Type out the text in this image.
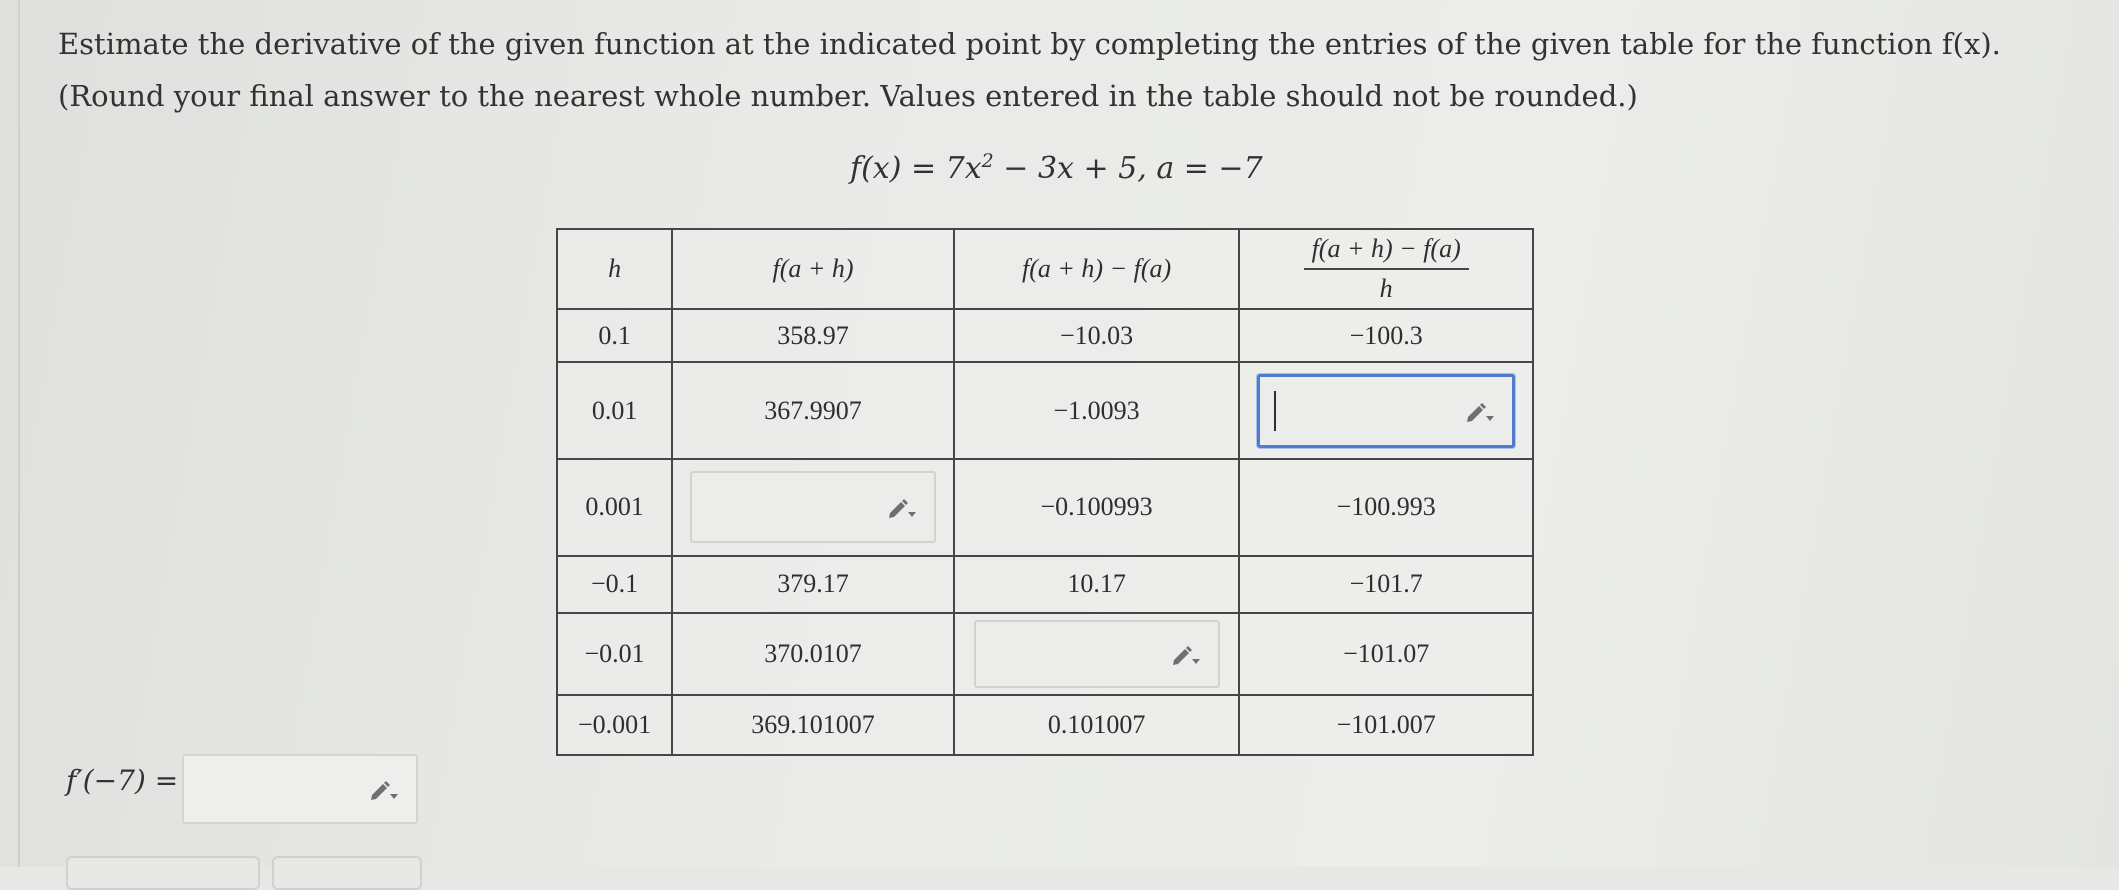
Estimate the derivative of the given function at the indicated point by completing the entries of the given table for the function f(x). (Round your final answer to the nearest whole number. Values entered in the table should not be rounded.)
$f(x) = 7x^2 - 3x + 5$, a = −7
h	f(a + h)	f(a + h) − f(a)	$\frac{f(a + h) - f(a)}{h}$

0.1	358.97	−10.03	−100.3
0.01	367.9907	−1.0093	

0.001		−0.100993	−100.993
−0.1	379.17	10.17	−101.7
−0.01	370.0107		−101.07
−0.001	369.101007	0.101007	−101.007
f′(−7) =
